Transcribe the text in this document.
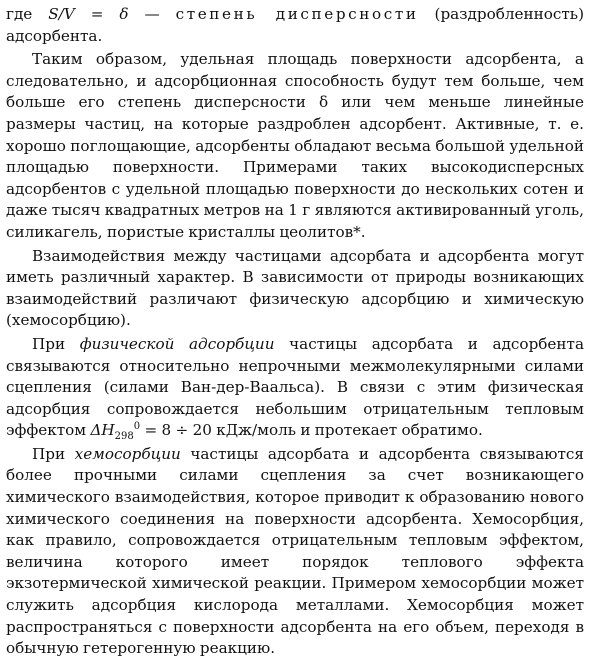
где S/V = δ — степень дисперсности (раздробленность) адсорбента.

Таким образом, удельная площадь поверхности адсорбента, а следовательно, и адсорбционная способность будут тем больше, чем больше его степень дисперсности δ или чем меньше линейные размеры частиц, на которые раздроблен адсорбент. Активные, т. е. хорошо поглощающие, адсорбенты обладают весьма большой удельной площадью поверхности. Примерами таких высокодисперсных адсорбентов с удельной площадью поверхности до нескольких сотен и даже тысяч квадратных метров на 1 г являются активированный уголь, силикагель, пористые кристаллы цеолитов*.

Взаимодействия между частицами адсорбата и адсорбента могут иметь различный характер. В зависимости от природы возникающих взаимодействий различают физическую адсорбцию и химическую (хемосорбцию).

При физической адсорбции частицы адсорбата и адсорбента связываются относительно непрочными межмолекулярными силами сцепления (силами Ван-дер-Ваальса). В связи с этим физическая адсорбция сопровождается небольшим отрицательным тепловым эффектом $\Delta H_{298}^0 = 8 \div 20$ кДж/моль и протекает обратимо.

При хемосорбции частицы адсорбата и адсорбента связываются более прочными силами сцепления за счет возникающего химического взаимодействия, которое приводит к образованию нового химического соединения на поверхности адсорбента. Хемосорбция, как правило, сопровождается отрицательным тепловым эффектом, величина которого имеет порядок теплового эффекта экзотермической химической реакции. Примером хемосорбции может служить адсорбция кислорода металлами. Хемосорбция может распространяться с поверхности адсорбента на его объем, переходя в обычную гетерогенную реакцию.
